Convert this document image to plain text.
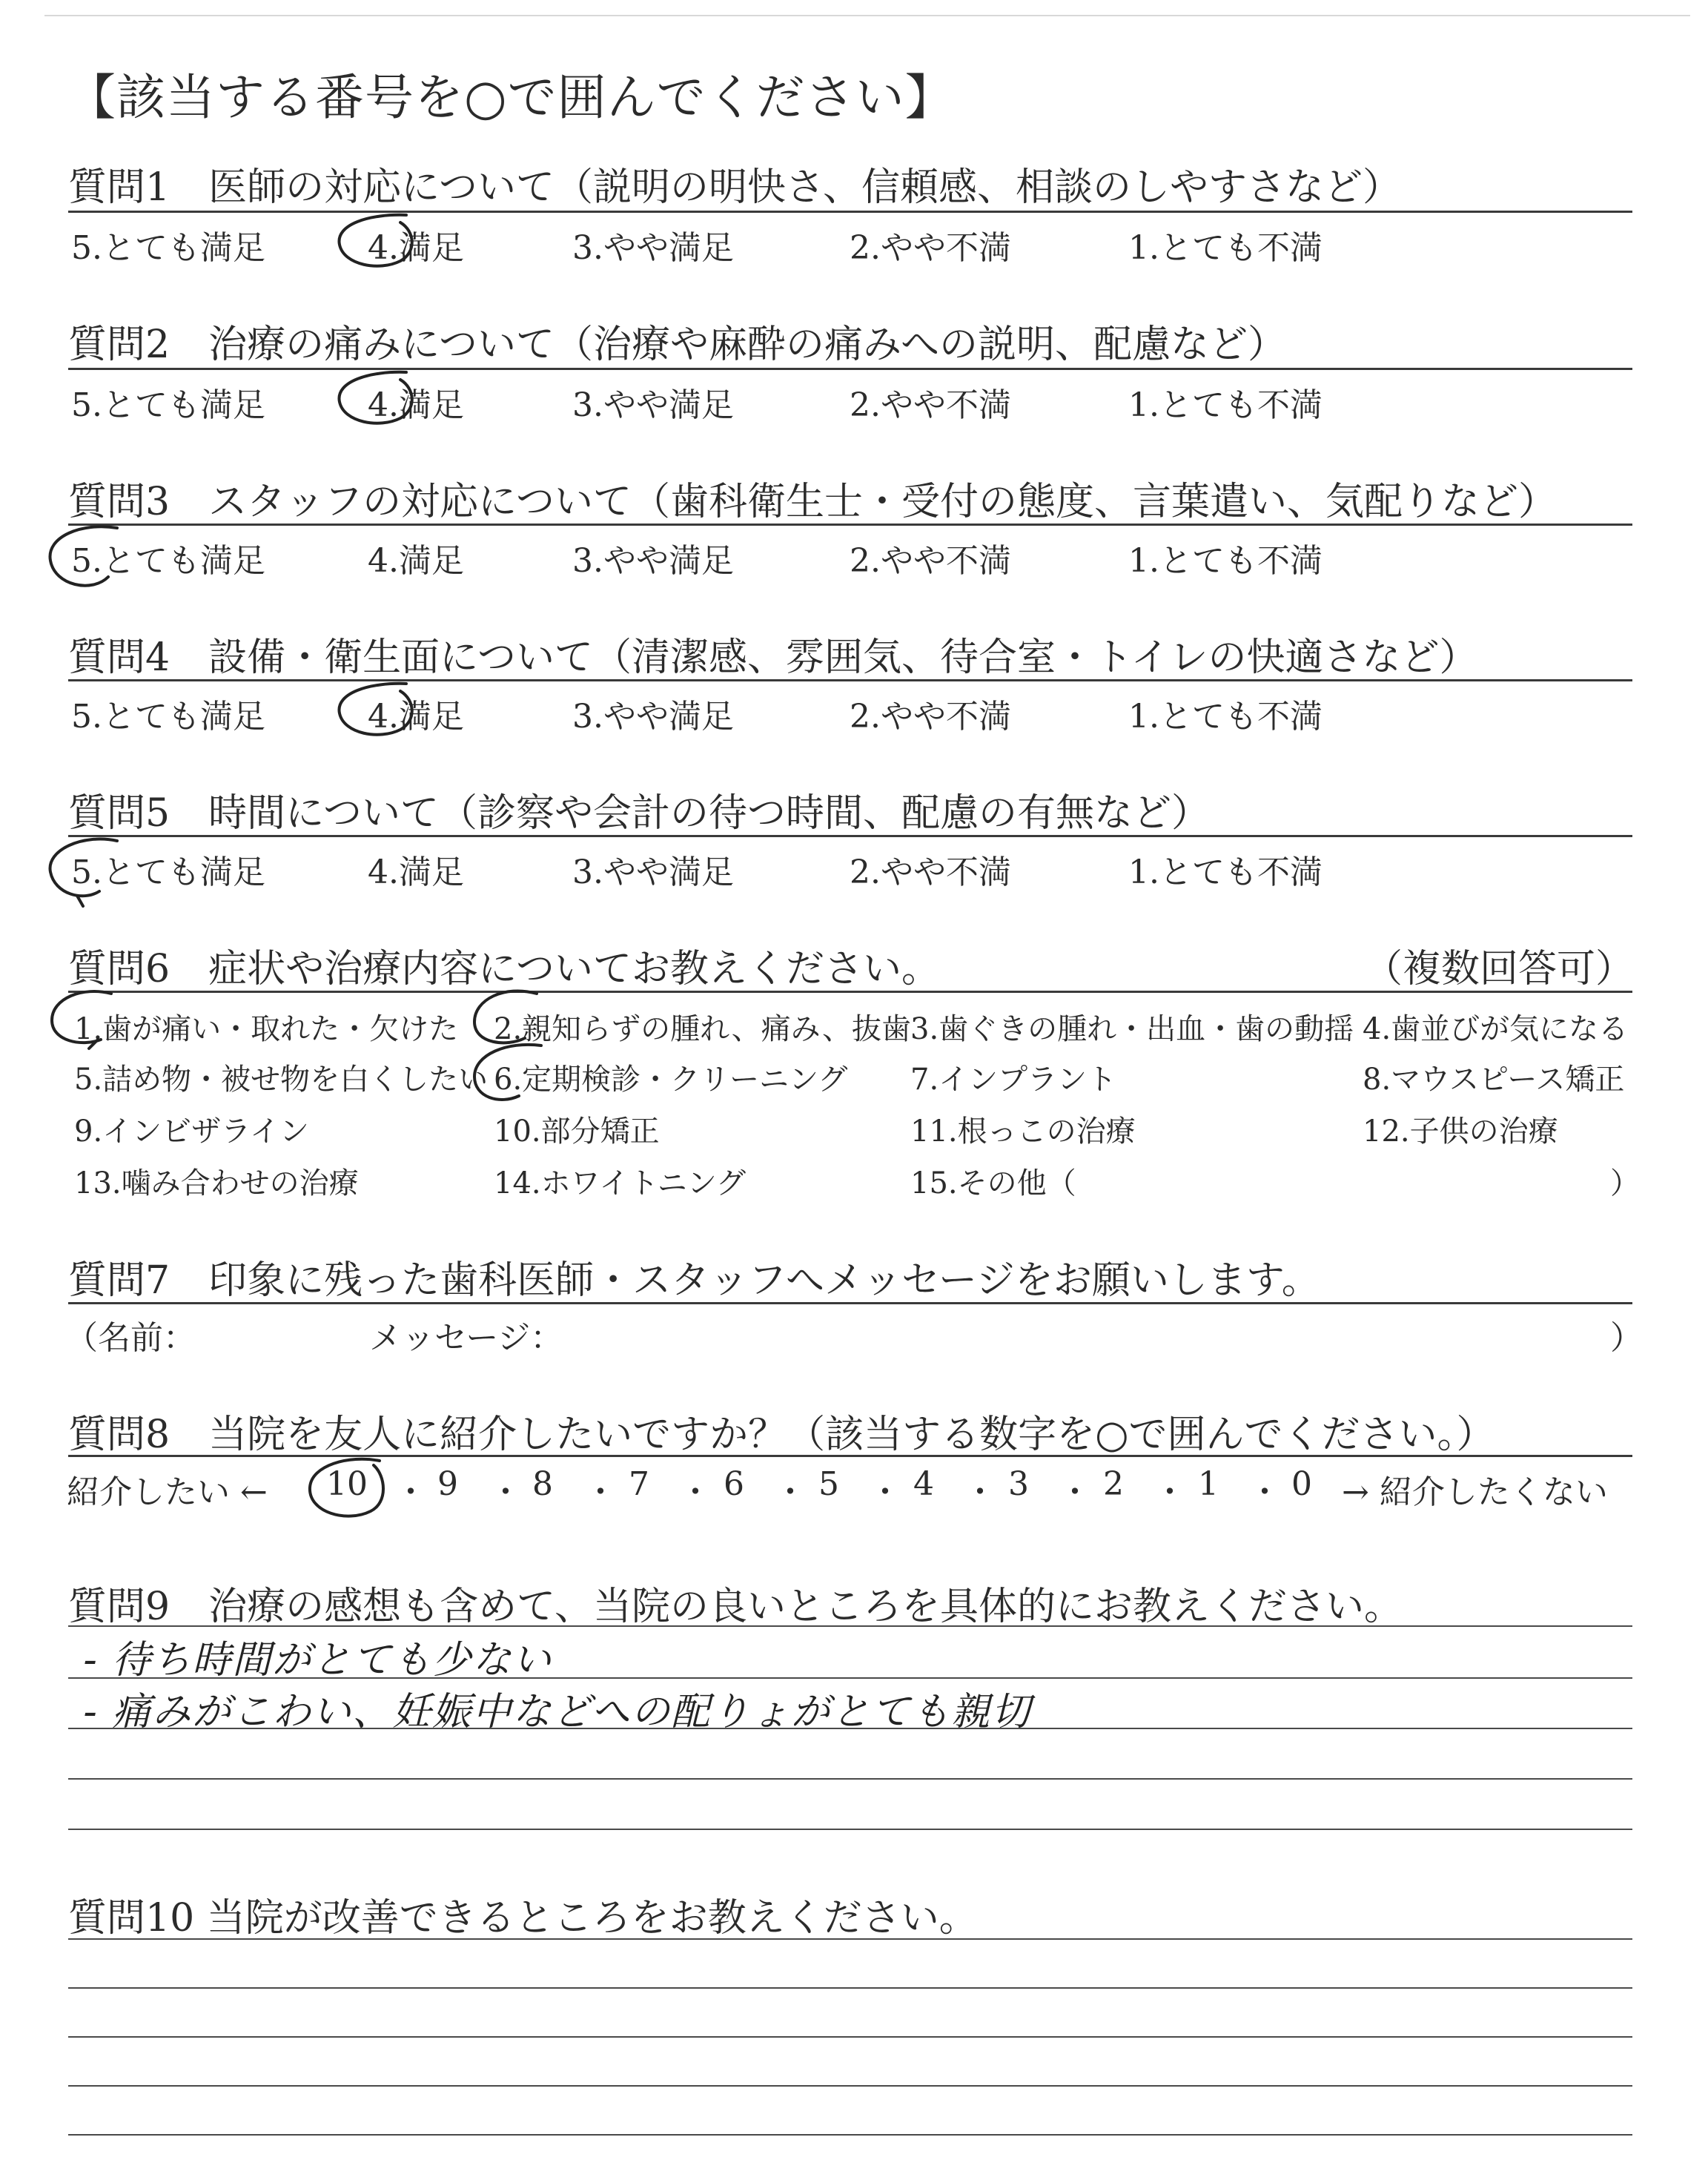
【該当する番号を○で囲んでください】
質問1　医師の対応について（説明の明快さ、信頼感、相談のしやすさなど）
5.とても満足	4.満足	3.やや満足	2.やや不満	1.とても不満
質問2　治療の痛みについて（治療や麻酔の痛みへの説明、配慮など）
5.とても満足	4.満足	3.やや満足	2.やや不満	1.とても不満
質問3　スタッフの対応について（歯科衛生士・受付の態度、言葉遣い、気配りなど）
5.とても満足	4.満足	3.やや満足	2.やや不満	1.とても不満
質問4　設備・衛生面について（清潔感、雰囲気、待合室・トイレの快適さなど）
5.とても満足	4.満足	3.やや満足	2.やや不満	1.とても不満
質問5　時間について（診察や会計の待つ時間、配慮の有無など）
5.とても満足	4.満足	3.やや満足	2.やや不満	1.とても不満
質問6　症状や治療内容についてお教えください。	（複数回答可）
1.歯が痛い・取れた・欠けた 2.親知らずの腫れ、痛み、抜歯 3.歯ぐきの腫れ・出血・歯の動揺 4.歯並びが気になる
5.詰め物・被せ物を白くしたい 6.定期検診・クリーニング 7.インプラント	8.マウスピース矯正
9.インビザライン	10.部分矯正	11.根っこの治療	12.子供の治療
13.噛み合わせの治療	14.ホワイトニング	15.その他（	）
質問7　印象に残った歯科医師・スタッフへメッセージをお願いします。
（名前：	メッセージ：	）
質問8　当院を友人に紹介したいですか？（該当する数字を○で囲んでください。）
紹介したい ←	→ 紹介したくない
10 ・ 9 ・ 8 ・ 7 ・ 6 ・ 5 ・ 4 ・ 3 ・ 2 ・ 1 ・ 0
質問9　治療の感想も含めて、当院の良いところを具体的にお教えください。
- 待ち時間がとても少ない
- 痛みがこわい、妊娠中などへの配りょがとても親切
質問10 当院が改善できるところをお教えください。
